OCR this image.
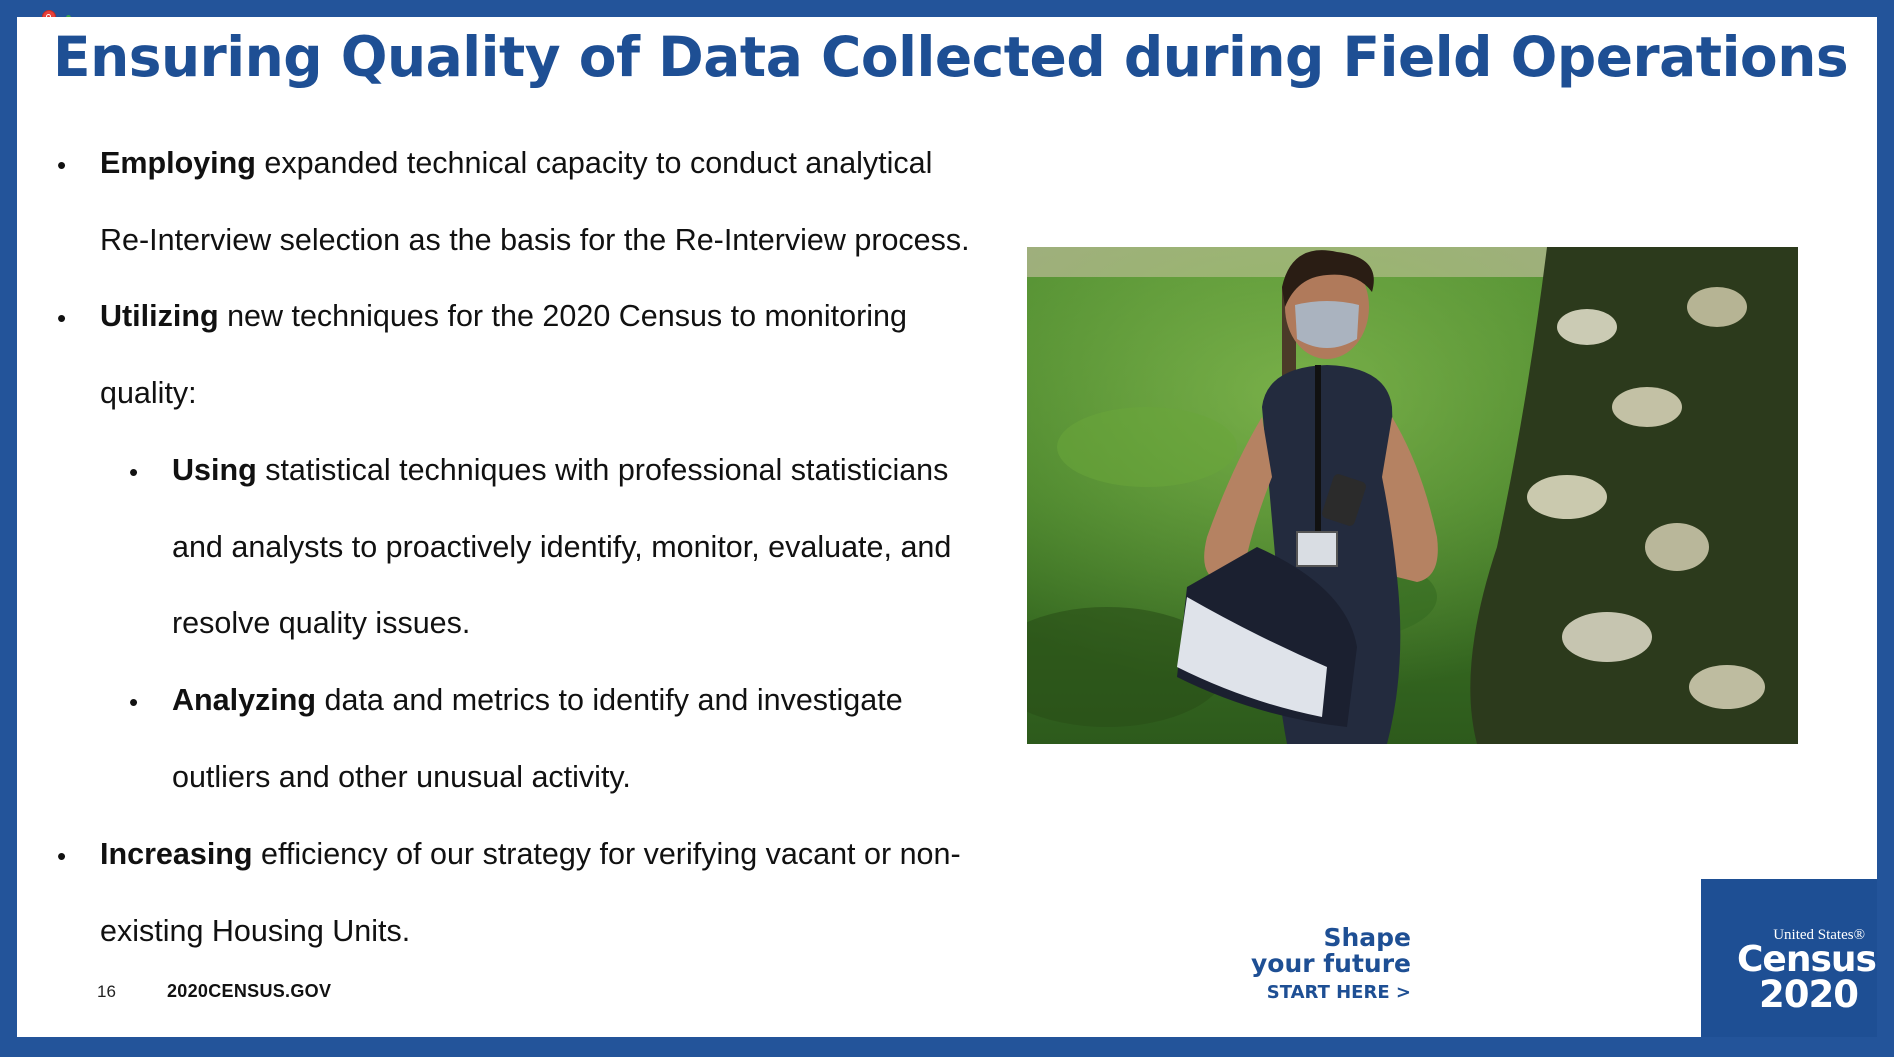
Ensuring Quality of Data Collected during Field Operations
• Employing expanded technical capacity to conduct analytical
Re-Interview selection as the basis for the Re-Interview process.
• Utilizing new techniques for the 2020 Census to monitoring
quality:
• Using statistical techniques with professional statisticians
and analysts to proactively identify, monitor, evaluate, and
resolve quality issues.
• Analyzing data and metrics to identify and investigate
outliers and other unusual activity.
• Increasing efficiency of our strategy for verifying vacant or non-
existing Housing Units.
16	2020CENSUS.GOV
Shape
your future
START HERE >
United States®
Census
2020
